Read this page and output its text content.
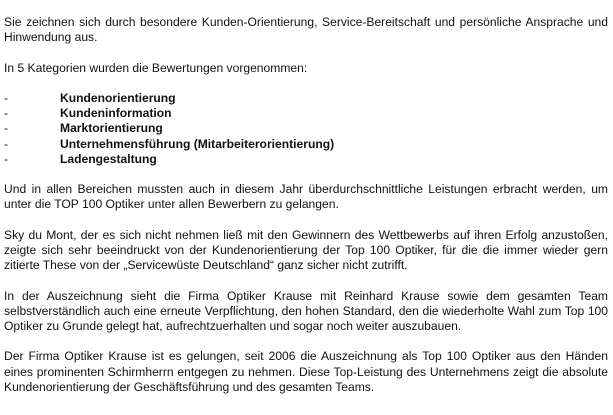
Sie zeichnen sich durch besondere Kunden-Orientierung, Service-Bereitschaft und persönliche Ansprache und Hinwendung aus.

In 5 Kategorien wurden die Bewertungen vorgenommen:

-	Kundenorientierung
-	Kundeninformation
-	Marktorientierung
-	Unternehmensführung (Mitarbeiterorientierung)
-	Ladengestaltung

Und in allen Bereichen mussten auch in diesem Jahr überdurchschnittliche Leistungen erbracht werden, um unter die TOP 100 Optiker unter allen Bewerbern zu gelangen.

Sky du Mont, der es sich nicht nehmen ließ mit den Gewinnern des Wettbewerbs auf ihren Erfolg anzustoßen, zeigte sich sehr beeindruckt von der Kundenorientierung der Top 100 Optiker, für die die immer wieder gern zitierte These von der „Servicewüste Deutschland“ ganz sicher nicht zutrifft.

In der Auszeichnung sieht die Firma Optiker Krause mit Reinhard Krause sowie dem gesamten Team selbstverständlich auch eine erneute Verpflichtung, den hohen Standard, den die wiederholte Wahl zum Top 100 Optiker zu Grunde gelegt hat, aufrechtzuerhalten und sogar noch weiter auszubauen.

Der Firma Optiker Krause ist es gelungen, seit 2006 die Auszeichnung als Top 100 Optiker aus den Händen eines prominenten Schirmherrn entgegen zu nehmen. Diese Top-Leistung des Unternehmens zeigt die absolute Kundenorientierung der Geschäftsführung und des gesamten Teams.
